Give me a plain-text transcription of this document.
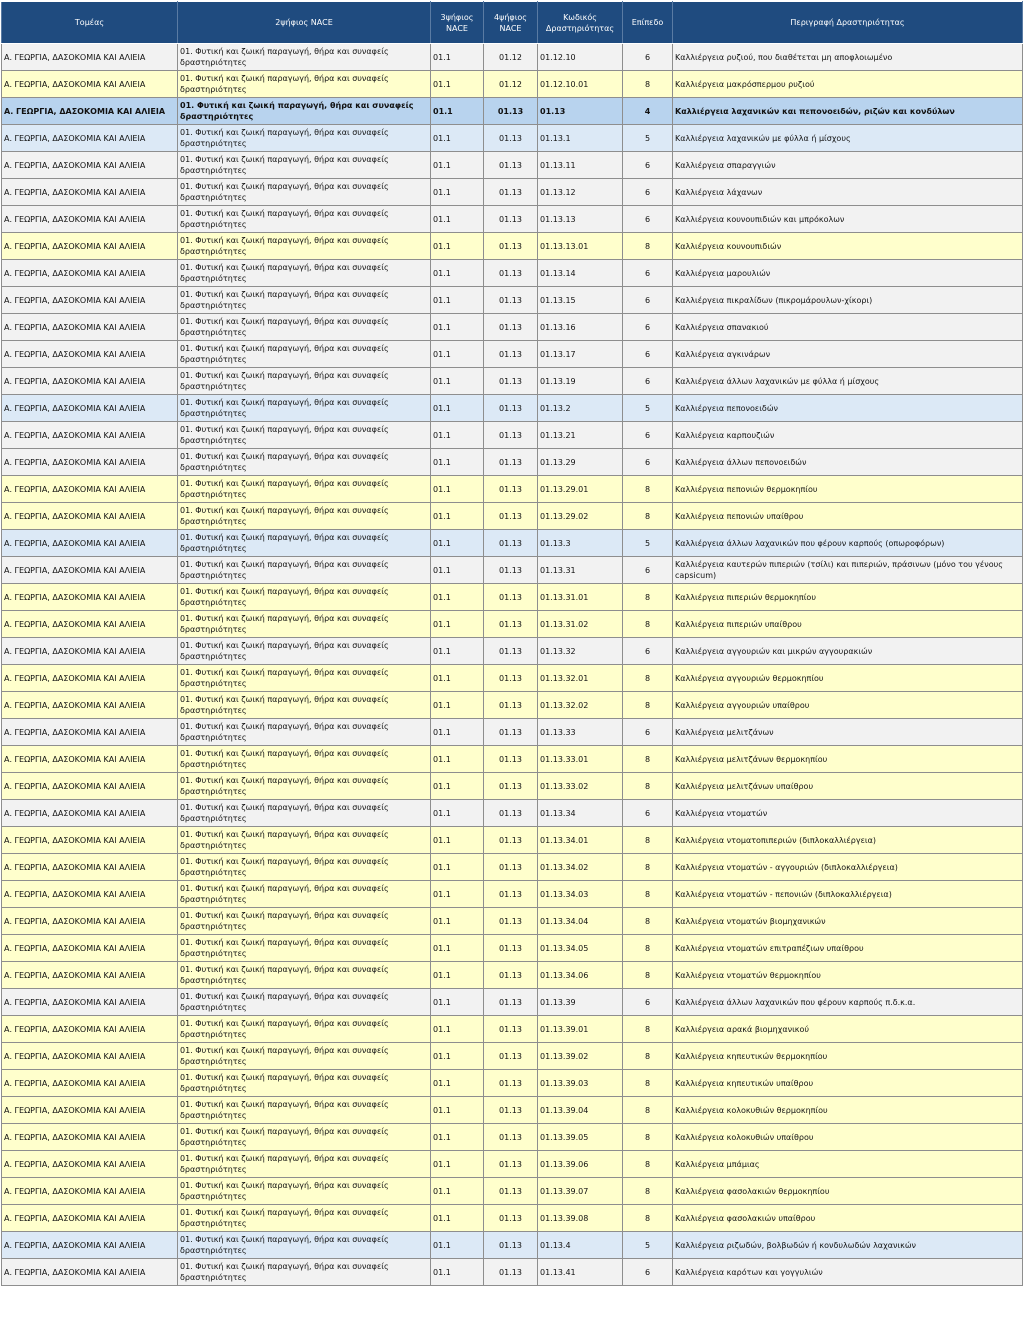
Τομέας	2ψήφιος NACE	3ψήφιος NACE	4ψήφιος NACE	Κωδικός Δραστηριότητας	Επίπεδο	Περιγραφή Δραστηριότητας
Α. ΓΕΩΡΓΙΑ, ΔΑΣΟΚΟΜΙΑ ΚΑΙ ΑΛΙΕΙΑ	01. Φυτική και ζωική παραγωγή, θήρα και συναφείς δραστηριότητες	01.1	01.12	01.12.10	6	Καλλιέργεια ρυζιού, που διαθέτεται μη αποφλοιωμένο
Α. ΓΕΩΡΓΙΑ, ΔΑΣΟΚΟΜΙΑ ΚΑΙ ΑΛΙΕΙΑ	01. Φυτική και ζωική παραγωγή, θήρα και συναφείς δραστηριότητες	01.1	01.12	01.12.10.01	8	Καλλιέργεια μακρόσπερμου ρυζιού
Α. ΓΕΩΡΓΙΑ, ΔΑΣΟΚΟΜΙΑ ΚΑΙ ΑΛΙΕΙΑ	01. Φυτική και ζωική παραγωγή, θήρα και συναφείς δραστηριότητες	01.1	01.13	01.13	4	Καλλιέργεια λαχανικών και πεπονοειδών, ριζών και κονδύλων
Α. ΓΕΩΡΓΙΑ, ΔΑΣΟΚΟΜΙΑ ΚΑΙ ΑΛΙΕΙΑ	01. Φυτική και ζωική παραγωγή, θήρα και συναφείς δραστηριότητες	01.1	01.13	01.13.1	5	Καλλιέργεια λαχανικών με φύλλα ή μίσχους
Α. ΓΕΩΡΓΙΑ, ΔΑΣΟΚΟΜΙΑ ΚΑΙ ΑΛΙΕΙΑ	01. Φυτική και ζωική παραγωγή, θήρα και συναφείς δραστηριότητες	01.1	01.13	01.13.11	6	Καλλιέργεια σπαραγγιών
Α. ΓΕΩΡΓΙΑ, ΔΑΣΟΚΟΜΙΑ ΚΑΙ ΑΛΙΕΙΑ	01. Φυτική και ζωική παραγωγή, θήρα και συναφείς δραστηριότητες	01.1	01.13	01.13.12	6	Καλλιέργεια λάχανων
Α. ΓΕΩΡΓΙΑ, ΔΑΣΟΚΟΜΙΑ ΚΑΙ ΑΛΙΕΙΑ	01. Φυτική και ζωική παραγωγή, θήρα και συναφείς δραστηριότητες	01.1	01.13	01.13.13	6	Καλλιέργεια κουνουπιδιών και μπρόκολων
Α. ΓΕΩΡΓΙΑ, ΔΑΣΟΚΟΜΙΑ ΚΑΙ ΑΛΙΕΙΑ	01. Φυτική και ζωική παραγωγή, θήρα και συναφείς δραστηριότητες	01.1	01.13	01.13.13.01	8	Καλλιέργεια κουνουπιδιών
Α. ΓΕΩΡΓΙΑ, ΔΑΣΟΚΟΜΙΑ ΚΑΙ ΑΛΙΕΙΑ	01. Φυτική και ζωική παραγωγή, θήρα και συναφείς δραστηριότητες	01.1	01.13	01.13.14	6	Καλλιέργεια μαρουλιών
Α. ΓΕΩΡΓΙΑ, ΔΑΣΟΚΟΜΙΑ ΚΑΙ ΑΛΙΕΙΑ	01. Φυτική και ζωική παραγωγή, θήρα και συναφείς δραστηριότητες	01.1	01.13	01.13.15	6	Καλλιέργεια πικραλίδων (πικρομάρουλων-χίκορι)
Α. ΓΕΩΡΓΙΑ, ΔΑΣΟΚΟΜΙΑ ΚΑΙ ΑΛΙΕΙΑ	01. Φυτική και ζωική παραγωγή, θήρα και συναφείς δραστηριότητες	01.1	01.13	01.13.16	6	Καλλιέργεια σπανακιού
Α. ΓΕΩΡΓΙΑ, ΔΑΣΟΚΟΜΙΑ ΚΑΙ ΑΛΙΕΙΑ	01. Φυτική και ζωική παραγωγή, θήρα και συναφείς δραστηριότητες	01.1	01.13	01.13.17	6	Καλλιέργεια αγκινάρων
Α. ΓΕΩΡΓΙΑ, ΔΑΣΟΚΟΜΙΑ ΚΑΙ ΑΛΙΕΙΑ	01. Φυτική και ζωική παραγωγή, θήρα και συναφείς δραστηριότητες	01.1	01.13	01.13.19	6	Καλλιέργεια άλλων λαχανικών με φύλλα ή μίσχους
Α. ΓΕΩΡΓΙΑ, ΔΑΣΟΚΟΜΙΑ ΚΑΙ ΑΛΙΕΙΑ	01. Φυτική και ζωική παραγωγή, θήρα και συναφείς δραστηριότητες	01.1	01.13	01.13.2	5	Καλλιέργεια πεπονοειδών
Α. ΓΕΩΡΓΙΑ, ΔΑΣΟΚΟΜΙΑ ΚΑΙ ΑΛΙΕΙΑ	01. Φυτική και ζωική παραγωγή, θήρα και συναφείς δραστηριότητες	01.1	01.13	01.13.21	6	Καλλιέργεια καρπουζιών
Α. ΓΕΩΡΓΙΑ, ΔΑΣΟΚΟΜΙΑ ΚΑΙ ΑΛΙΕΙΑ	01. Φυτική και ζωική παραγωγή, θήρα και συναφείς δραστηριότητες	01.1	01.13	01.13.29	6	Καλλιέργεια άλλων πεπονοειδών
Α. ΓΕΩΡΓΙΑ, ΔΑΣΟΚΟΜΙΑ ΚΑΙ ΑΛΙΕΙΑ	01. Φυτική και ζωική παραγωγή, θήρα και συναφείς δραστηριότητες	01.1	01.13	01.13.29.01	8	Καλλιέργεια πεπονιών θερμοκηπίου
Α. ΓΕΩΡΓΙΑ, ΔΑΣΟΚΟΜΙΑ ΚΑΙ ΑΛΙΕΙΑ	01. Φυτική και ζωική παραγωγή, θήρα και συναφείς δραστηριότητες	01.1	01.13	01.13.29.02	8	Καλλιέργεια πεπονιών υπαίθρου
Α. ΓΕΩΡΓΙΑ, ΔΑΣΟΚΟΜΙΑ ΚΑΙ ΑΛΙΕΙΑ	01. Φυτική και ζωική παραγωγή, θήρα και συναφείς δραστηριότητες	01.1	01.13	01.13.3	5	Καλλιέργεια άλλων λαχανικών που φέρουν καρπούς (οπωροφόρων)
Α. ΓΕΩΡΓΙΑ, ΔΑΣΟΚΟΜΙΑ ΚΑΙ ΑΛΙΕΙΑ	01. Φυτική και ζωική παραγωγή, θήρα και συναφείς δραστηριότητες	01.1	01.13	01.13.31	6	Καλλιέργεια καυτερών πιπεριών (τσίλι) και πιπεριών, πράσινων (μόνο του γένους capsicum)
Α. ΓΕΩΡΓΙΑ, ΔΑΣΟΚΟΜΙΑ ΚΑΙ ΑΛΙΕΙΑ	01. Φυτική και ζωική παραγωγή, θήρα και συναφείς δραστηριότητες	01.1	01.13	01.13.31.01	8	Καλλιέργεια πιπεριών θερμοκηπίου
Α. ΓΕΩΡΓΙΑ, ΔΑΣΟΚΟΜΙΑ ΚΑΙ ΑΛΙΕΙΑ	01. Φυτική και ζωική παραγωγή, θήρα και συναφείς δραστηριότητες	01.1	01.13	01.13.31.02	8	Καλλιέργεια πιπεριών υπαίθρου
Α. ΓΕΩΡΓΙΑ, ΔΑΣΟΚΟΜΙΑ ΚΑΙ ΑΛΙΕΙΑ	01. Φυτική και ζωική παραγωγή, θήρα και συναφείς δραστηριότητες	01.1	01.13	01.13.32	6	Καλλιέργεια αγγουριών και μικρών αγγουρακιών
Α. ΓΕΩΡΓΙΑ, ΔΑΣΟΚΟΜΙΑ ΚΑΙ ΑΛΙΕΙΑ	01. Φυτική και ζωική παραγωγή, θήρα και συναφείς δραστηριότητες	01.1	01.13	01.13.32.01	8	Καλλιέργεια αγγουριών θερμοκηπίου
Α. ΓΕΩΡΓΙΑ, ΔΑΣΟΚΟΜΙΑ ΚΑΙ ΑΛΙΕΙΑ	01. Φυτική και ζωική παραγωγή, θήρα και συναφείς δραστηριότητες	01.1	01.13	01.13.32.02	8	Καλλιέργεια αγγουριών υπαίθρου
Α. ΓΕΩΡΓΙΑ, ΔΑΣΟΚΟΜΙΑ ΚΑΙ ΑΛΙΕΙΑ	01. Φυτική και ζωική παραγωγή, θήρα και συναφείς δραστηριότητες	01.1	01.13	01.13.33	6	Καλλιέργεια μελιτζάνων
Α. ΓΕΩΡΓΙΑ, ΔΑΣΟΚΟΜΙΑ ΚΑΙ ΑΛΙΕΙΑ	01. Φυτική και ζωική παραγωγή, θήρα και συναφείς δραστηριότητες	01.1	01.13	01.13.33.01	8	Καλλιέργεια μελιτζάνων θερμοκηπίου
Α. ΓΕΩΡΓΙΑ, ΔΑΣΟΚΟΜΙΑ ΚΑΙ ΑΛΙΕΙΑ	01. Φυτική και ζωική παραγωγή, θήρα και συναφείς δραστηριότητες	01.1	01.13	01.13.33.02	8	Καλλιέργεια μελιτζάνων υπαίθρου
Α. ΓΕΩΡΓΙΑ, ΔΑΣΟΚΟΜΙΑ ΚΑΙ ΑΛΙΕΙΑ	01. Φυτική και ζωική παραγωγή, θήρα και συναφείς δραστηριότητες	01.1	01.13	01.13.34	6	Καλλιέργεια ντοματών
Α. ΓΕΩΡΓΙΑ, ΔΑΣΟΚΟΜΙΑ ΚΑΙ ΑΛΙΕΙΑ	01. Φυτική και ζωική παραγωγή, θήρα και συναφείς δραστηριότητες	01.1	01.13	01.13.34.01	8	Καλλιέργεια ντοματοπιπεριών (διπλοκαλλιέργεια)
Α. ΓΕΩΡΓΙΑ, ΔΑΣΟΚΟΜΙΑ ΚΑΙ ΑΛΙΕΙΑ	01. Φυτική και ζωική παραγωγή, θήρα και συναφείς δραστηριότητες	01.1	01.13	01.13.34.02	8	Καλλιέργεια ντοματών - αγγουριών (διπλοκαλλιέργεια)
Α. ΓΕΩΡΓΙΑ, ΔΑΣΟΚΟΜΙΑ ΚΑΙ ΑΛΙΕΙΑ	01. Φυτική και ζωική παραγωγή, θήρα και συναφείς δραστηριότητες	01.1	01.13	01.13.34.03	8	Καλλιέργεια ντοματών - πεπονιών (διπλοκαλλιέργεια)
Α. ΓΕΩΡΓΙΑ, ΔΑΣΟΚΟΜΙΑ ΚΑΙ ΑΛΙΕΙΑ	01. Φυτική και ζωική παραγωγή, θήρα και συναφείς δραστηριότητες	01.1	01.13	01.13.34.04	8	Καλλιέργεια ντοματών βιομηχανικών
Α. ΓΕΩΡΓΙΑ, ΔΑΣΟΚΟΜΙΑ ΚΑΙ ΑΛΙΕΙΑ	01. Φυτική και ζωική παραγωγή, θήρα και συναφείς δραστηριότητες	01.1	01.13	01.13.34.05	8	Καλλιέργεια ντοματών επιτραπέζιων υπαίθρου
Α. ΓΕΩΡΓΙΑ, ΔΑΣΟΚΟΜΙΑ ΚΑΙ ΑΛΙΕΙΑ	01. Φυτική και ζωική παραγωγή, θήρα και συναφείς δραστηριότητες	01.1	01.13	01.13.34.06	8	Καλλιέργεια ντοματών θερμοκηπίου
Α. ΓΕΩΡΓΙΑ, ΔΑΣΟΚΟΜΙΑ ΚΑΙ ΑΛΙΕΙΑ	01. Φυτική και ζωική παραγωγή, θήρα και συναφείς δραστηριότητες	01.1	01.13	01.13.39	6	Καλλιέργεια άλλων λαχανικών που φέρουν καρπούς π.δ.κ.α.
Α. ΓΕΩΡΓΙΑ, ΔΑΣΟΚΟΜΙΑ ΚΑΙ ΑΛΙΕΙΑ	01. Φυτική και ζωική παραγωγή, θήρα και συναφείς δραστηριότητες	01.1	01.13	01.13.39.01	8	Καλλιέργεια αρακά βιομηχανικού
Α. ΓΕΩΡΓΙΑ, ΔΑΣΟΚΟΜΙΑ ΚΑΙ ΑΛΙΕΙΑ	01. Φυτική και ζωική παραγωγή, θήρα και συναφείς δραστηριότητες	01.1	01.13	01.13.39.02	8	Καλλιέργεια κηπευτικών θερμοκηπίου
Α. ΓΕΩΡΓΙΑ, ΔΑΣΟΚΟΜΙΑ ΚΑΙ ΑΛΙΕΙΑ	01. Φυτική και ζωική παραγωγή, θήρα και συναφείς δραστηριότητες	01.1	01.13	01.13.39.03	8	Καλλιέργεια κηπευτικών υπαίθρου
Α. ΓΕΩΡΓΙΑ, ΔΑΣΟΚΟΜΙΑ ΚΑΙ ΑΛΙΕΙΑ	01. Φυτική και ζωική παραγωγή, θήρα και συναφείς δραστηριότητες	01.1	01.13	01.13.39.04	8	Καλλιέργεια κολοκυθιών θερμοκηπίου
Α. ΓΕΩΡΓΙΑ, ΔΑΣΟΚΟΜΙΑ ΚΑΙ ΑΛΙΕΙΑ	01. Φυτική και ζωική παραγωγή, θήρα και συναφείς δραστηριότητες	01.1	01.13	01.13.39.05	8	Καλλιέργεια κολοκυθιών υπαίθρου
Α. ΓΕΩΡΓΙΑ, ΔΑΣΟΚΟΜΙΑ ΚΑΙ ΑΛΙΕΙΑ	01. Φυτική και ζωική παραγωγή, θήρα και συναφείς δραστηριότητες	01.1	01.13	01.13.39.06	8	Καλλιέργεια μπάμιας
Α. ΓΕΩΡΓΙΑ, ΔΑΣΟΚΟΜΙΑ ΚΑΙ ΑΛΙΕΙΑ	01. Φυτική και ζωική παραγωγή, θήρα και συναφείς δραστηριότητες	01.1	01.13	01.13.39.07	8	Καλλιέργεια φασολακιών θερμοκηπίου
Α. ΓΕΩΡΓΙΑ, ΔΑΣΟΚΟΜΙΑ ΚΑΙ ΑΛΙΕΙΑ	01. Φυτική και ζωική παραγωγή, θήρα και συναφείς δραστηριότητες	01.1	01.13	01.13.39.08	8	Καλλιέργεια φασολακιών υπαίθρου
Α. ΓΕΩΡΓΙΑ, ΔΑΣΟΚΟΜΙΑ ΚΑΙ ΑΛΙΕΙΑ	01. Φυτική και ζωική παραγωγή, θήρα και συναφείς δραστηριότητες	01.1	01.13	01.13.4	5	Καλλιέργεια ριζωδών, βολβωδών ή κονδυλωδών λαχανικών
Α. ΓΕΩΡΓΙΑ, ΔΑΣΟΚΟΜΙΑ ΚΑΙ ΑΛΙΕΙΑ	01. Φυτική και ζωική παραγωγή, θήρα και συναφείς δραστηριότητες	01.1	01.13	01.13.41	6	Καλλιέργεια καρότων και γογγυλιών
